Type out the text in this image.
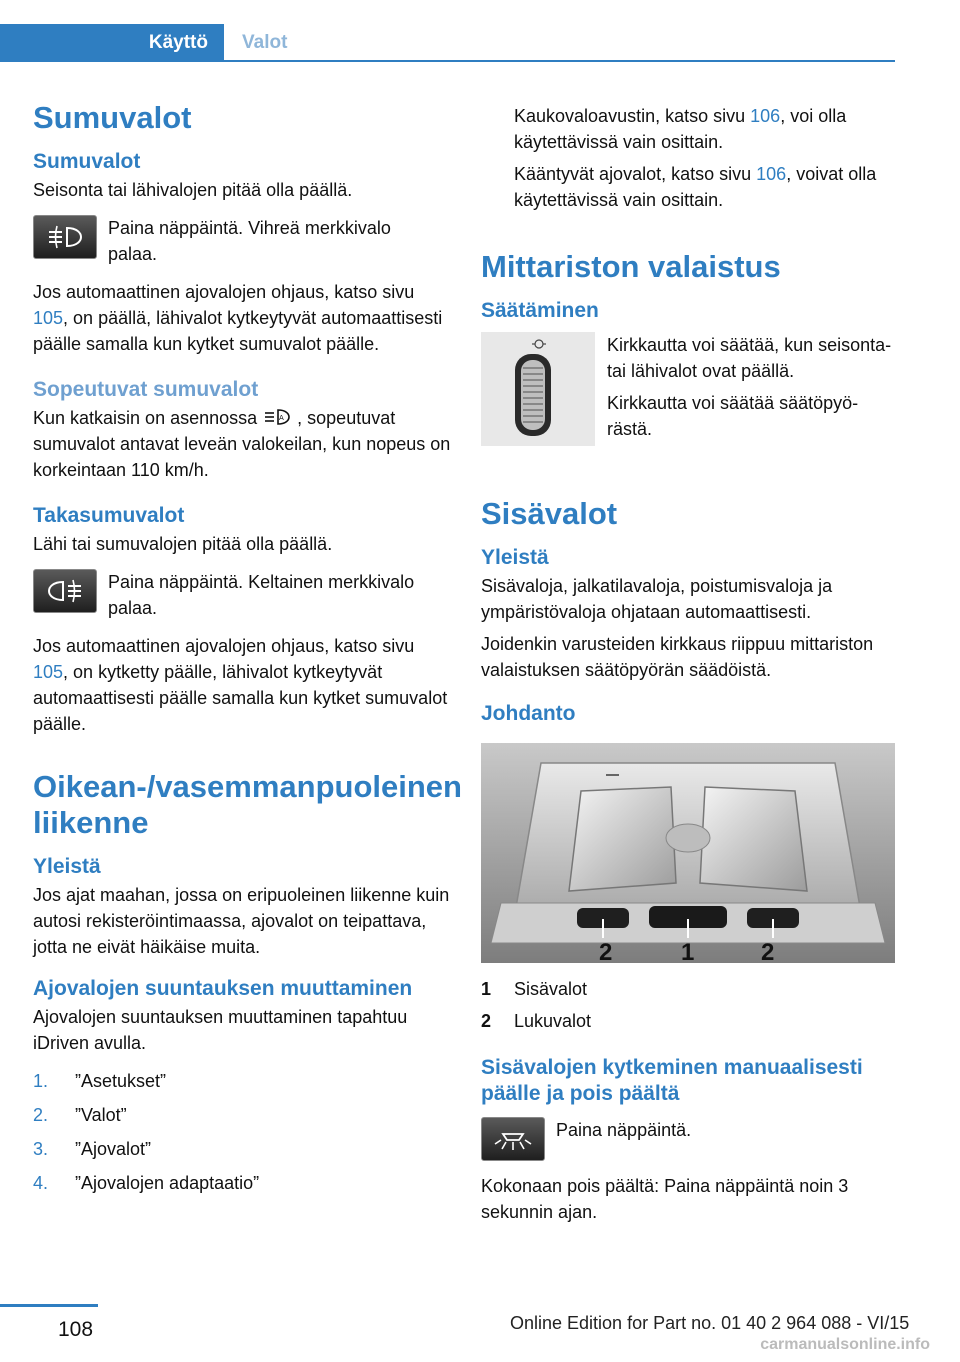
Käyttö	Valot
Sumuvalot
Sumuvalot

Seisonta tai lähivalojen pitää olla päällä.

Paina näppäintä. Vihreä merkkivalo palaa.

Jos automaattinen ajovalojen ohjaus, katso sivu 105, on päällä, lähivalot kytkeytyvät automaattisesti päälle samalla kun kytket sumuvalot päälle.

Sopeutuvat sumuvalot

Kun katkaisin on asennossa A , sopeutuvat sumuvalot antavat leveän valokeilan, kun nopeus on korkeintaan 110 km/h.

Takasumuvalot

Lähi tai sumuvalojen pitää olla päällä.

Paina näppäintä. Keltainen merkkivalo palaa.

Jos automaattinen ajovalojen ohjaus, katso sivu 105, on kytketty päälle, lähivalot kytkeytyvät automaattisesti päälle samalla kun kytket sumuvalot päälle.

Oikean-/vasemmanpuoleinen liikenne
Yleistä

Jos ajat maahan, jossa on eripuoleinen liikenne kuin autosi rekisteröintimaassa, ajovalot on teipattava, jotta ne eivät häikäise muita.

Ajovalojen suuntauksen muuttaminen

Ajovalojen suuntauksen muuttaminen tapahtuu iDriven avulla.

1.	”Asetukset”
2.	”Valot”
3.	”Ajovalot”
4.	”Ajovalojen adaptaatio”

Kaukovaloavustin, katso sivu 106, voi olla käytettävissä vain osittain.

Kääntyvät ajovalot, katso sivu 106, voivat olla käytettävissä vain osittain.

Mittariston valaistus
Säätäminen

Kirkkautta voi säätää, kun seisonta- tai lähivalot ovat päällä.

Kirkkautta voi säätää säätöpyörästä.

Sisävalot
Yleistä

Sisävaloja, jalkatilavaloja, poistumisvaloja ja ympäristövaloja ohjataan automaattisesti.

Joidenkin varusteiden kirkkaus riippuu mittariston valaistuksen säätöpyörän säädöistä.

Johdanto
2	1	2
1	Sisävalot
2	Lukuvalot
Sisävalojen kytkeminen manuaalisesti päälle ja pois päältä

Paina näppäintä.

Kokonaan pois päältä: Paina näppäintä noin 3 sekunnin ajan.

108	Online Edition for Part no. 01 40 2 964 088 - VI/15
carmanualsonline.info
